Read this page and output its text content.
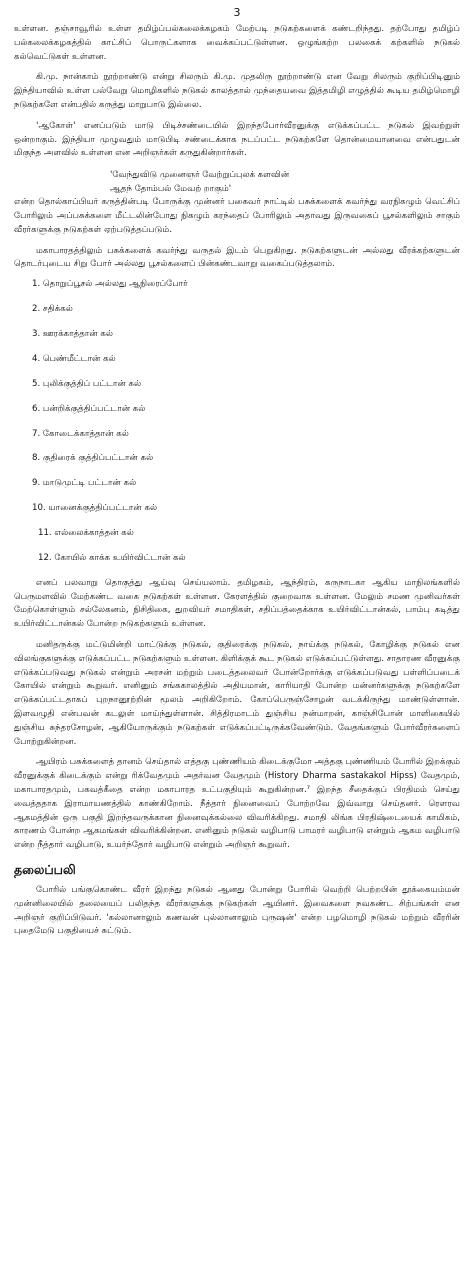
3

உள்ளன. தஞ்சாவூரில் உள்ள தமிழ்ப்பல்கலைக்கழகம் மேற்படி நடுகற்களைக் கண்டறிந்தது. தற்போது தமிழ்ப் பல்கலைக்கழகத்தில் காட்சிப் பொருட்களாக வைக்கப்பட்டுள்ளன. ஒழுங்கற்ற பலகைக் கற்களில் நடுகல் கல்வெட்டுகள் உள்ளன.

கி.மு. நான்காம் நூற்றாண்டு என்று சிலரும் கி.மு. முதலிரு நூற்றாண்டு என வேறு சிலரும் குறிப்பிடினும் இந்தியாவில் உள்ள பல்வேறு மொழிகளில் நடுகல் காலத்தால் முந்தையவை இத்தமிழி எழுத்தில் கூடிய தமிழ்மொழி நடுகற்களே என்பதில் கருத்து மாறுபாடு இல்லை.

'ஆகோள்' எனப்படும் மாடு பிடிச்சண்டையில் இறந்தபோர்வீரனுக்கு எடுக்கப்பட்ட நடுகல் இவற்றுள் ஒன்றாகும். இந்தியா முழுவதும் மாடுபிடி சண்டைக்காக நடப்பட்ட நடுகற்களே தொன்மையானவை என்பதுடன் மிகுந்த அளவில் உள்ளன என அறிஞர்கள் கருதுகின்றார்கள்.

'வேந்துவிடு முனைஞர் வேற்றுப்புலக் களவின்
ஆதந் தோம்பல் மேவற் றாகும்'

என்ற தொல்காப்பியர் கருத்தின்படி போருக்கு முன்னர் பகைவர் நாட்டில் பசுக்களைக் கவர்ந்து வரநிகழும் வெட்சிப் போரிலும் அப்பசுக்களை மீட்டலின்போது நிகழும் கரந்தைப் போரிலும் அதாவது இருவகைப் பூசல்களிலும் சாகும் வீரர்களுக்கு நடுகற்கள் ஏற்படுத்தப்படும்.

மகாபாரதத்திலும் பசுக்களைக் கவர்ந்து வருதல் இடம் பெறுகிறது. நடுகற்களுடன் அல்லது வீரக்கற்களுடன் தொடர்புடைய சிறு போர் அல்லது பூசல்களைப் பின்கண்டவாறு வகைப்படுத்தலாம்.

1. தொறுப்பூசல் அல்லது ஆநிரைப்போர்
2. சதிக்கல்
3. ஊரக்காத்தான் கல்
4. பெண்மீட்டான் கல்
5. புலிக்குத்திப் பட்டான் கல்
6. பன்றிக்குத்திப்பட்டான் கல்
7. கோடைக்காத்தான் கல்
8. குதிரைக் குத்திப்பட்டான் கல்
9. மாடுமுட்டி பட்டான் கல்
10. யானைக்குத்திப்பட்டான் கல்
11. எல்லைக்காத்தன் கல்
12. கோயில் காக்க உயிர்விட்டான் கல்

எனப் பலவாறு தொகுத்து ஆய்வு செய்யலாம். தமிழகம், ஆந்திரம், கருநாடகா ஆகிய மாநிலங்களில் பெருமளவில் மேற்கண்ட வகை நடுகற்கள் உள்ளன. கேரளத்தில் குறைவாக உள்ளன. மேலும் சமண முனிவர்கள் மேற்கொள்ளும் சல்லேகனம், நிசிதிகை, துறவியர் சமாதிகள், சதிப்பத்தைக்காக உயிர்விட்டான்கல், பாம்பு கடித்து உயிர்விட்டான்கல் போன்ற நடுகற்களும் உள்ளன.

மனிதருக்கு மட்டுமின்றி மாட்டுக்கு நடுகல், குதிரைக்கு நடுகல், நாய்க்கு நடுகல், கோழிக்கு நடுகல் என விலங்குகளுக்கு எடுக்கப்பட்ட நடுகற்களும் உள்ளன. கிளிக்குக் கூட நடுகல் எடுக்கப்பட்டுள்ளது. சாதாரண வீரனுக்கு எடுக்கப்படுவது நடுகல் என்றும் அரசன் மற்றும் படைத்தலைவர் போன்றோர்க்கு எடுக்கப்படுவது பள்ளிப்படைக் கோயில் என்றும் கூறுவர். எனினும் சங்ககாலத்தில் அதியமான், காரியாதி போன்ற மன்னர்களுக்கு நடுகற்களே எடுக்கப்பட்டதாகப் புறநானூற்றின் மூலம் அறிகிறோம். கோப்பெருஞ்சோழன் வடக்கிருந்து மாண்டுள்ளான். இளவழுதி என்பவன் கடலுள் மாய்ந்துள்ளான். சித்திரமாடம் துஞ்சிய நன்மாறன், காஞ்சிபோன் மாளிகையில் துஞ்சிய சுந்தரசோழன், ஆகியோருக்கும் நடுகற்கள் எடுக்கப்பட்டிருக்கவேண்டும். வேதங்களும் போர்வீரர்களைப் போற்றுகின்றன.

ஆயிரம் பசுக்களைத் தானம் செய்தால் எத்தகு புண்ணியம் கிடைக்குமோ அத்தகு புண்ணியம் போரில் இறக்கும் வீரனுக்குக் கிடைக்கும் என்று ரிக்வேதமும் அதர்வன வேதமும் (History Dharma sastakakol Hipss) வேதமும், மகாபாரதமும், பகவத்கீதை என்ற மகாபாரத உட்பகுதியும் கூறுகின்றன.⁷ இறந்த சீதைக்குப் பிரதிமம் செய்து வைத்ததாக இராமாயணத்தில் காண்கிறோம். நீத்தார் நினைவைப் போற்றவே இவ்வாறு செய்தனர். ரௌரவ ஆகமத்தின் ஒரு பகுதி இறந்தவருக்கான நினைவுக்கல்லை விவரிக்கிறது. சமாதி லிங்க பிரதிஷ்டையைக் காமிகம், காரணம் போன்ற ஆகமங்கள் விவரிக்கின்றன. எனினும் நடுகல் வழிபாடு பாமரர் வழிபாடு என்றும் ஆகம வழிபாடு என்ற நீத்தார் வழிபாடு, உயர்ந்தோர் வழிபாடு என்றும் அறிஞர் கூறுவர்.

தலைப்பலி

போரில் பங்குகொண்ட வீரர் இறந்து நடுகல் ஆனது போன்று போரில் வெற்றி பெற்றபின் தூக்கையம்மன் முன்னிலையில் தலையைப் பலிதந்த வீரர்களுக்கு நடுகற்கள் ஆயினர். இவைகளை நவகண்ட சிற்பங்கள் என அறிஞர் குறிப்பிடுவர். 'கல்லானாலும் கணவன் புல்லானாலும் புருஷன்' என்ற பழமொழி நடுகல் மற்றும் வீரரின் புதைமேடு பகுதியைச் சுட்டும்.
